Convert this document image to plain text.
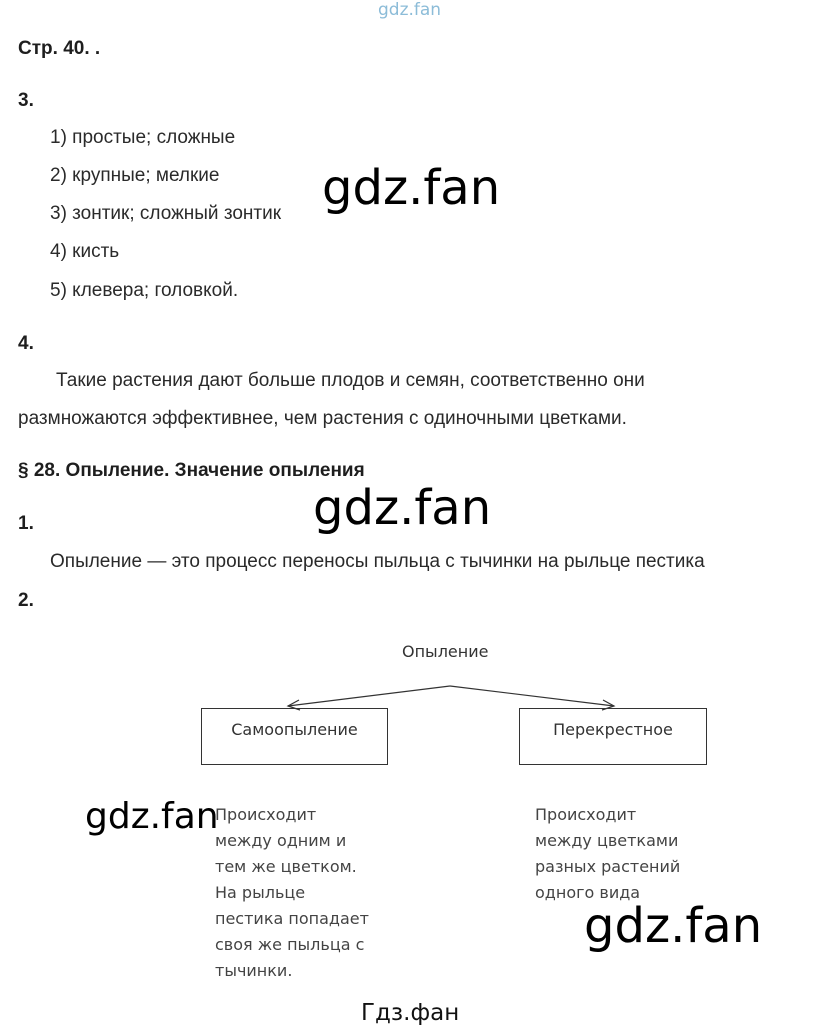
gdz.fan
Стр. 40. .
3.
1) простые; сложные
2) крупные; мелкие
3) зонтик; сложный зонтик
4) кисть
5) клевера; головкой.
4.
Такие растения дают больше плодов и семян, соответственно они
размножаются эффективнее, чем растения с одиночными цветками.
§ 28. Опыление. Значение опыления
1.
Опыление — это процесс переносы пыльца с тычинки на рыльце пестика
2.
Опыление
Самоопыление	Перекрестное
Происходит
между одним и
тем же цветком.
На рыльце
пестика попадает
своя же пыльца с
тычинки.
Происходит
между цветками
разных растений
одного вида
gdz.fan
gdz.fan
gdz.fan
gdz.fan
Гдз.фан
